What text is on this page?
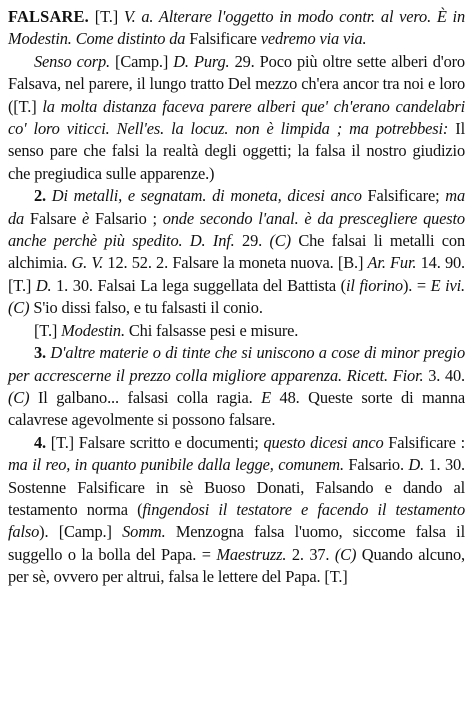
FALSARE. [T.] V. a. Alterare l'oggetto in modo contr. al vero. È in Modestin. Come distinto da Falsificare vedremo via via.
Senso corp. [Camp.] D. Purg. 29. Poco più oltre sette alberi d'oro Falsava, nel parere, il lungo tratto Del mezzo ch'era ancor tra noi e loro ([T.] la molta distanza faceva parere alberi que' ch'erano candelabri co' loro viticci. Nell'es. la locuz. non è limpida ; ma potrebbesi: Il senso pare che falsi la realtà degli oggetti; la falsa il nostro giudizio che pregiudica sulle apparenze.)
2. Di metalli, e segnatam. di moneta, dicesi anco Falsificare; ma da Falsare è Falsario ; onde secondo l'anal. è da prescegliere questo anche perchè più spedito. D. Inf. 29. (C) Che falsai li metalli con alchimia. G. V. 12. 52. 2. Falsare la moneta nuova. [B.] Ar. Fur. 14. 90. [T.] D. 1. 30. Falsai La lega suggellata del Battista (il fiorino). = E ivi. (C) S'io dissi falso, e tu falsasti il conio.
[T.] Modestin. Chi falsasse pesi e misure.
3. D'altre materie o di tinte che si uniscono a cose di minor pregio per accrescerne il prezzo colla migliore apparenza. Ricett. Fior. 3. 40. (C) Il galbano... falsasi colla ragia. E 48. Queste sorte di manna calavrese agevolmente si possono falsare.
4. [T.] Falsare scritto e documenti; questo dicesi anco Falsificare : ma il reo, in quanto punibile dalla legge, comunem. Falsario. D. 1. 30. Sostenne Falsificare in sè Buoso Donati, Falsando e dando al testamento norma (fingendosi il testatore e facendo il testamento falso). [Camp.] Somm. Menzogna falsa l'uomo, siccome falsa il suggello o la bolla del Papa. = Maestruzz. 2. 37. (C) Quando alcuno, per sè, ovvero per altrui, falsa le lettere del Papa. [T.]
